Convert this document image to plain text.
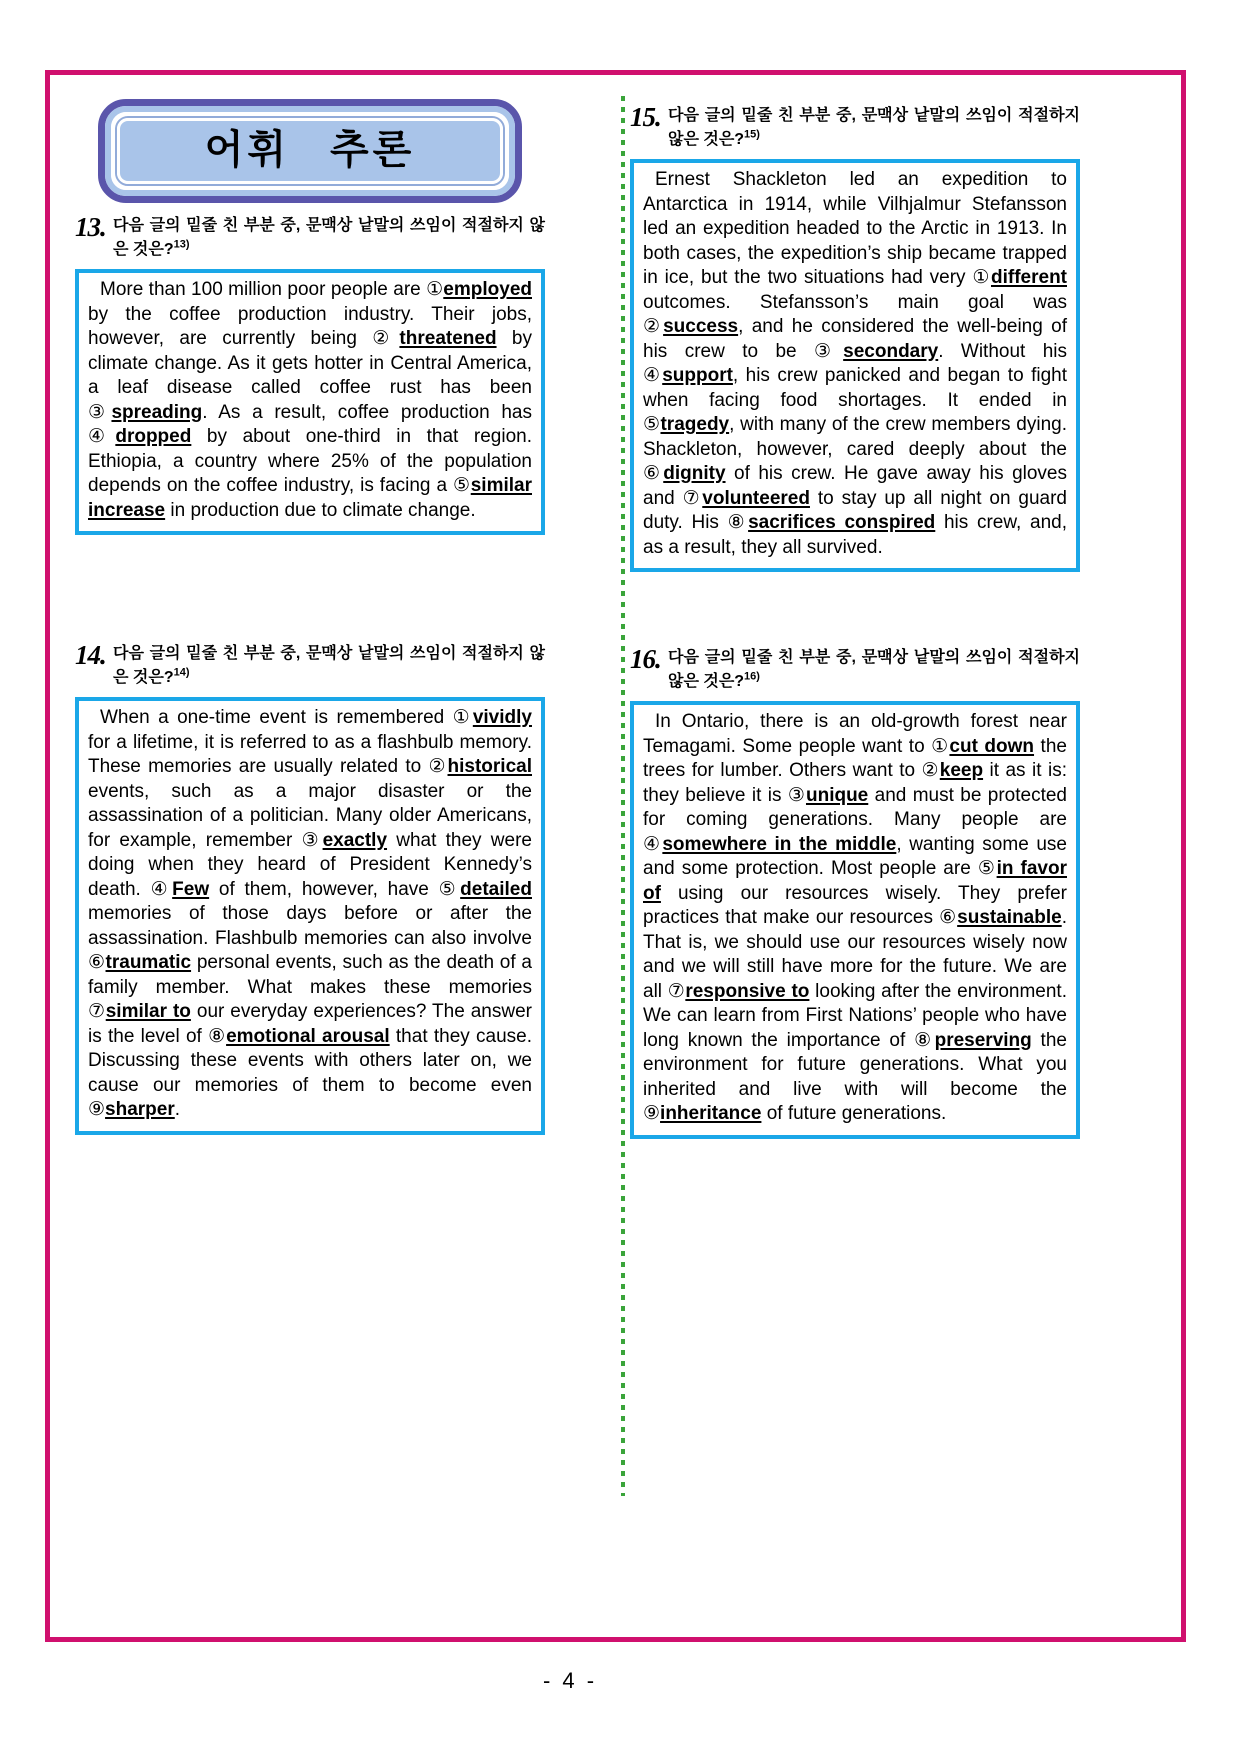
어휘 추론
13. 다음 글의 밑줄 친 부분 중, 문맥상 낱말의 쓰임이 적절하지 않은 것은?$^{13)}$
More than 100 million poor people are ①employed by the coffee production industry. Their jobs, however, are currently being ②threatened by climate change. As it gets hotter in Central America, a leaf disease called coffee rust has been ③spreading. As a result, coffee production has ④dropped by about one-third in that region. Ethiopia, a country where 25% of the population depends on the coffee industry, is facing a ⑤similar increase in production due to climate change.
14. 다음 글의 밑줄 친 부분 중, 문맥상 낱말의 쓰임이 적절하지 않은 것은?$^{14)}$
When a one-time event is remembered ①vividly for a lifetime, it is referred to as a flashbulb memory. These memories are usually related to ②historical events, such as a major disaster or the assassination of a politician. Many older Americans, for example, remember ③exactly what they were doing when they heard of President Kennedy’s death. ④Few of them, however, have ⑤detailed memories of those days before or after the assassination. Flashbulb memories can also involve ⑥traumatic personal events, such as the death of a family member. What makes these memories ⑦similar to our everyday experiences? The answer is the level of ⑧emotional arousal that they cause. Discussing these events with others later on, we cause our memories of them to become even ⑨sharper.
15. 다음 글의 밑줄 친 부분 중, 문맥상 낱말의 쓰임이 적절하지 않은 것은?$^{15)}$
Ernest Shackleton led an expedition to Antarctica in 1914, while Vilhjalmur Stefansson led an expedition headed to the Arctic in 1913. In both cases, the expedition’s ship became trapped in ice, but the two situations had very ①different outcomes. Stefansson’s main goal was ②success, and he considered the well-being of his crew to be ③secondary. Without his ④support, his crew panicked and began to fight when facing food shortages. It ended in ⑤tragedy, with many of the crew members dying. Shackleton, however, cared deeply about the ⑥dignity of his crew. He gave away his gloves and ⑦volunteered to stay up all night on guard duty. His ⑧sacrifices conspired his crew, and, as a result, they all survived.
16. 다음 글의 밑줄 친 부분 중, 문맥상 낱말의 쓰임이 적절하지 않은 것은?$^{16)}$
In Ontario, there is an old-growth forest near Temagami. Some people want to ①cut down the trees for lumber. Others want to ②keep it as it is: they believe it is ③unique and must be protected for coming generations. Many people are ④somewhere in the middle, wanting some use and some protection. Most people are ⑤in favor of using our resources wisely. They prefer practices that make our resources ⑥sustainable. That is, we should use our resources wisely now and we will still have more for the future. We are all ⑦responsive to looking after the environment. We can learn from First Nations’ people who have long known the importance of ⑧preserving the environment for future generations. What you inherited and live with will become the ⑨inheritance of future generations.
- 4 -
